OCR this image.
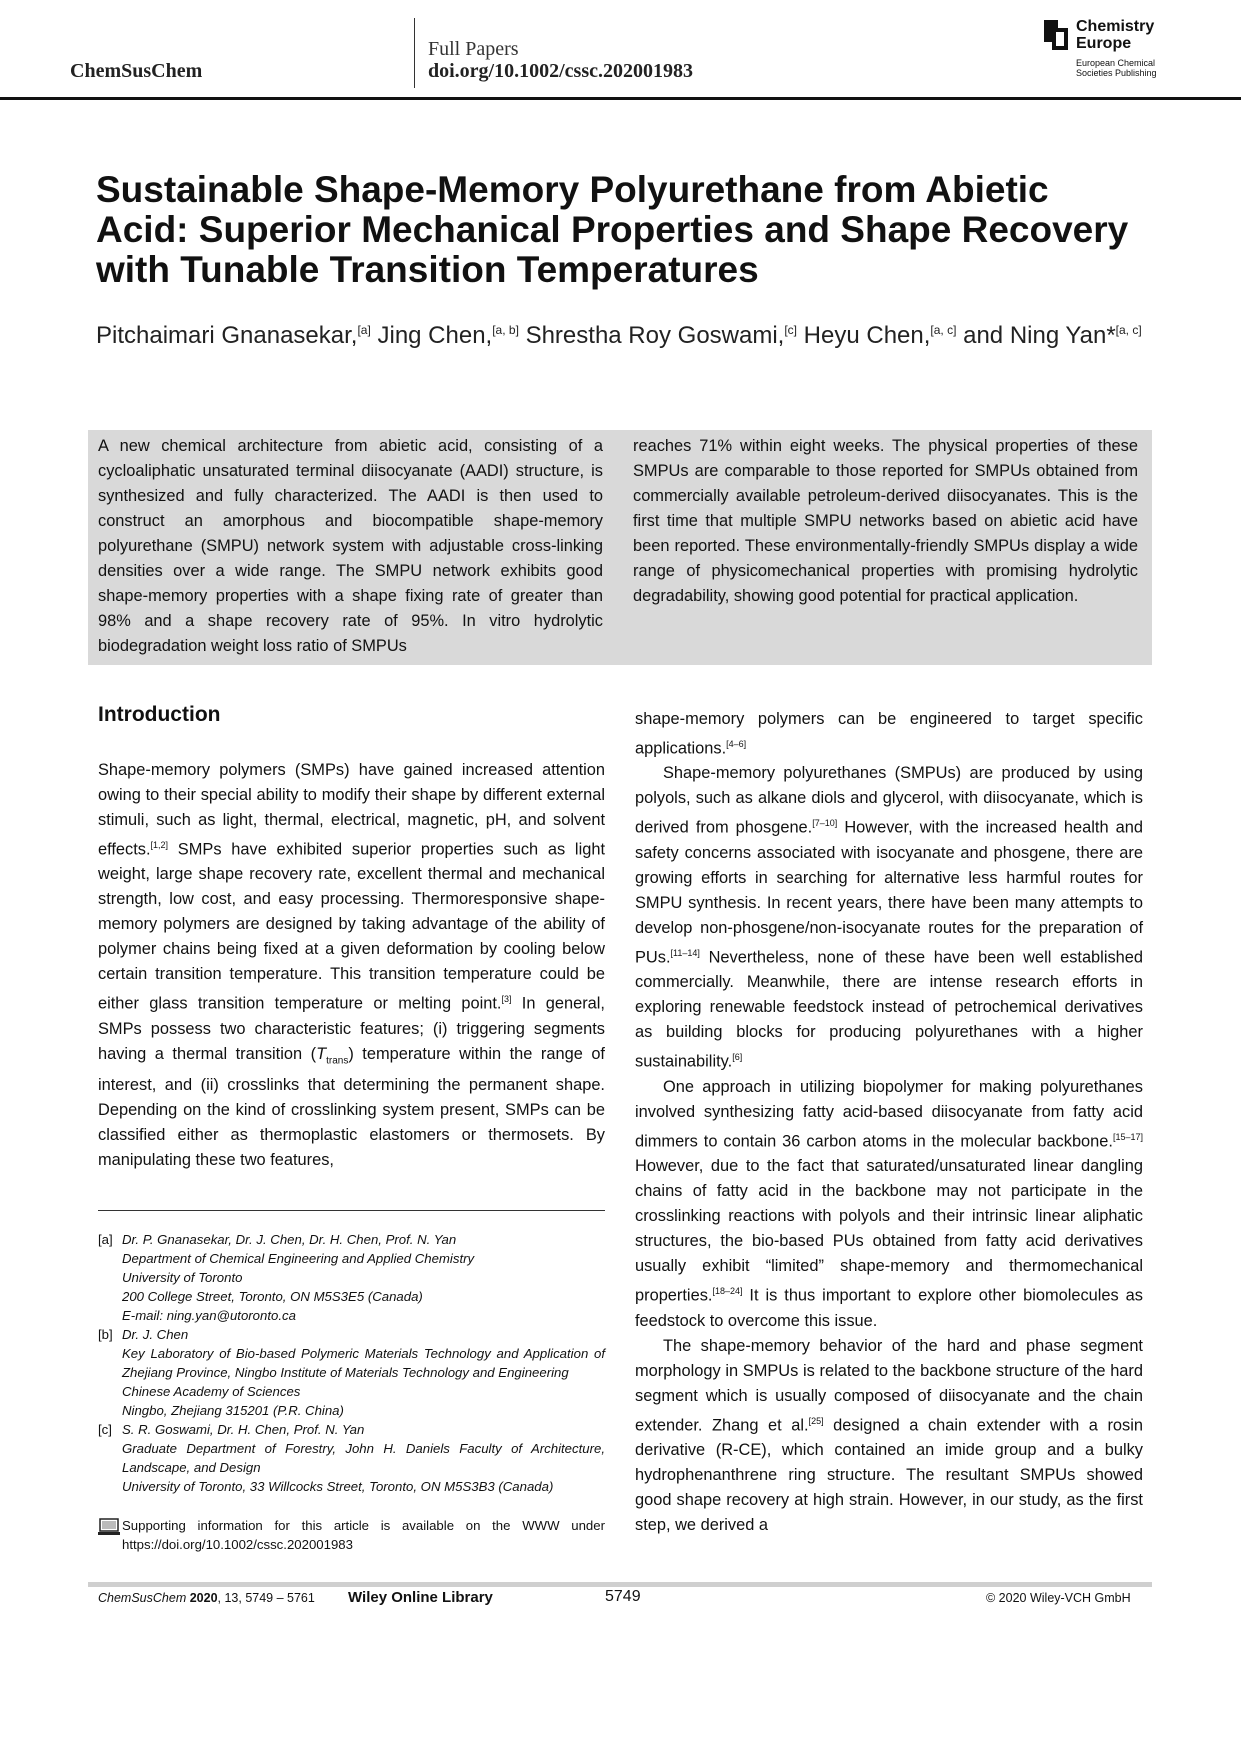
ChemSusChem
Full Papers
doi.org/10.1002/cssc.202001983
Chemistry
Europe
European Chemical
Societies Publishing
Sustainable Shape-Memory Polyurethane from Abietic Acid: Superior Mechanical Properties and Shape Recovery with Tunable Transition Temperatures
Pitchaimari Gnanasekar,[a] Jing Chen,[a, b] Shrestha Roy Goswami,[c] Heyu Chen,[a, c] and Ning Yan*[a, c]
A new chemical architecture from abietic acid, consisting of a cycloaliphatic unsaturated terminal diisocyanate (AADI) structure, is synthesized and fully characterized. The AADI is then used to construct an amorphous and biocompatible shape-memory polyurethane (SMPU) network system with adjustable cross-linking densities over a wide range. The SMPU network exhibits good shape-memory properties with a shape fixing rate of greater than 98% and a shape recovery rate of 95%. In vitro hydrolytic biodegradation weight loss ratio of SMPUs
reaches 71% within eight weeks. The physical properties of these SMPUs are comparable to those reported for SMPUs obtained from commercially available petroleum-derived diisocyanates. This is the first time that multiple SMPU networks based on abietic acid have been reported. These environmentally-friendly SMPUs display a wide range of physicomechanical properties with promising hydrolytic degradability, showing good potential for practical application.
Introduction

Shape-memory polymers (SMPs) have gained increased attention owing to their special ability to modify their shape by different external stimuli, such as light, thermal, electrical, magnetic, pH, and solvent effects.[1,2] SMPs have exhibited superior properties such as light weight, large shape recovery rate, excellent thermal and mechanical strength, low cost, and easy processing. Thermoresponsive shape-memory polymers are designed by taking advantage of the ability of polymer chains being fixed at a given deformation by cooling below certain transition temperature. This transition temperature could be either glass transition temperature or melting point.[3] In general, SMPs possess two characteristic features; (i) triggering segments having a thermal transition $(T_{trans})$ temperature within the range of interest, and (ii) crosslinks that determining the permanent shape. Depending on the kind of crosslinking system present, SMPs can be classified either as thermoplastic elastomers or thermosets. By manipulating these two features,

shape-memory polymers can be engineered to target specific applications.[4–6]

Shape-memory polyurethanes (SMPUs) are produced by using polyols, such as alkane diols and glycerol, with diisocyanate, which is derived from phosgene.[7–10] However, with the increased health and safety concerns associated with isocyanate and phosgene, there are growing efforts in searching for alternative less harmful routes for SMPU synthesis. In recent years, there have been many attempts to develop non-phosgene/non-isocyanate routes for the preparation of PUs.[11–14] Nevertheless, none of these have been well established commercially. Meanwhile, there are intense research efforts in exploring renewable feedstock instead of petrochemical derivatives as building blocks for producing polyurethanes with a higher sustainability.[6]

One approach in utilizing biopolymer for making polyurethanes involved synthesizing fatty acid-based diisocyanate from fatty acid dimmers to contain 36 carbon atoms in the molecular backbone.[15–17] However, due to the fact that saturated/unsaturated linear dangling chains of fatty acid in the backbone may not participate in the crosslinking reactions with polyols and their intrinsic linear aliphatic structures, the bio-based PUs obtained from fatty acid derivatives usually exhibit “limited” shape-memory and thermomechanical properties.[18–24] It is thus important to explore other biomolecules as feedstock to overcome this issue.

The shape-memory behavior of the hard and phase segment morphology in SMPUs is related to the backbone structure of the hard segment which is usually composed of diisocyanate and the chain extender. Zhang et al.[25] designed a chain extender with a rosin derivative (R-CE), which contained an imide group and a bulky hydrophenanthrene ring structure. The resultant SMPUs showed good shape recovery at high strain. However, in our study, as the first step, we derived a

[a] Dr. P. Gnanasekar, Dr. J. Chen, Dr. H. Chen, Prof. N. Yan
Department of Chemical Engineering and Applied Chemistry
University of Toronto
200 College Street, Toronto, ON M5S3E5 (Canada)
E-mail: ning.yan@utoronto.ca
[b] Dr. J. Chen
Key Laboratory of Bio-based Polymeric Materials Technology and Application of Zhejiang Province, Ningbo Institute of Materials Technology and Engineering
Chinese Academy of Sciences
Ningbo, Zhejiang 315201 (P.R. China)
[c] S. R. Goswami, Dr. H. Chen, Prof. N. Yan
Graduate Department of Forestry, John H. Daniels Faculty of Architecture, Landscape, and Design
University of Toronto, 33 Willcocks Street, Toronto, ON M5S3B3 (Canada)
Supporting information for this article is available on the WWW under https://doi.org/10.1002/cssc.202001983
ChemSusChem 2020, 13, 5749 – 5761 Wiley Online Library	5749	© 2020 Wiley-VCH GmbH
